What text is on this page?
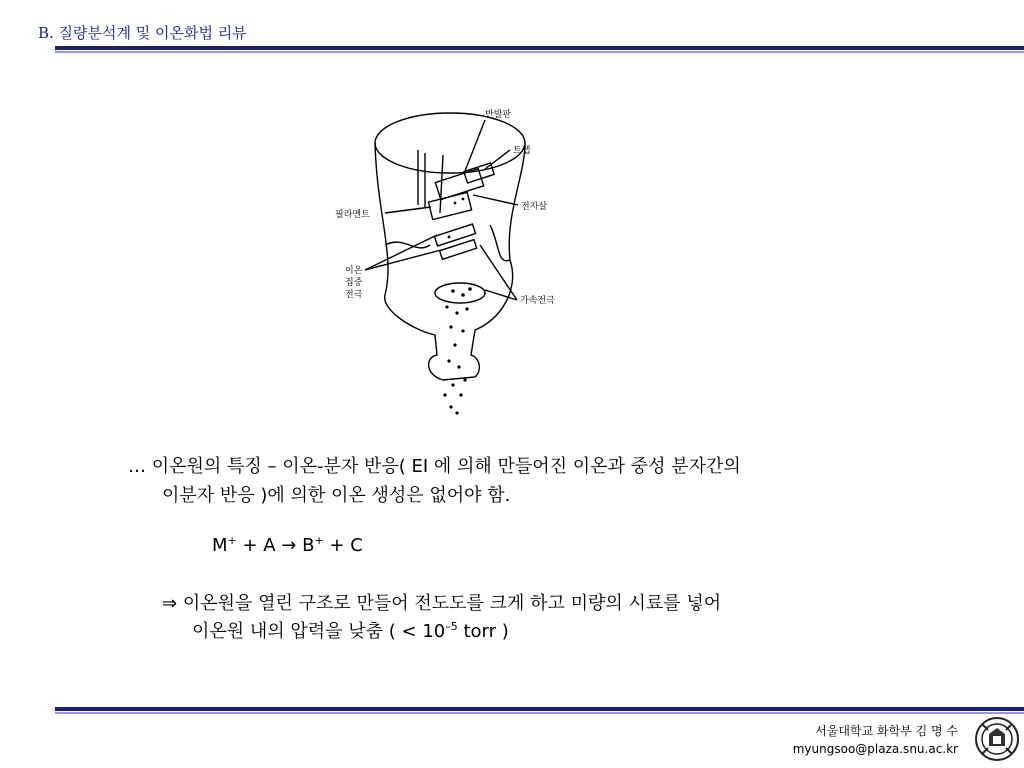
B. 질량분석계 및 이온화법 리뷰
반발판
트랩
필라멘트
전자살
이온
집중
전극
가속전극
… 이온원의 특징 – 이온-분자 반응( EI 에 의해 만들어진 이온과 중성 분자간의
이분자 반응 )에 의한 이온 생성은 없어야 함.
M+ + A → B+ + C
⇒ 이온원을 열린 구조로 만들어 전도도를 크게 하고 미량의 시료를 넣어
이온원 내의 압력을 낮춤 ( < $10^{-5}$ torr )
서울대학교 화학부 김 명 수
myungsoo@plaza.snu.ac.kr
